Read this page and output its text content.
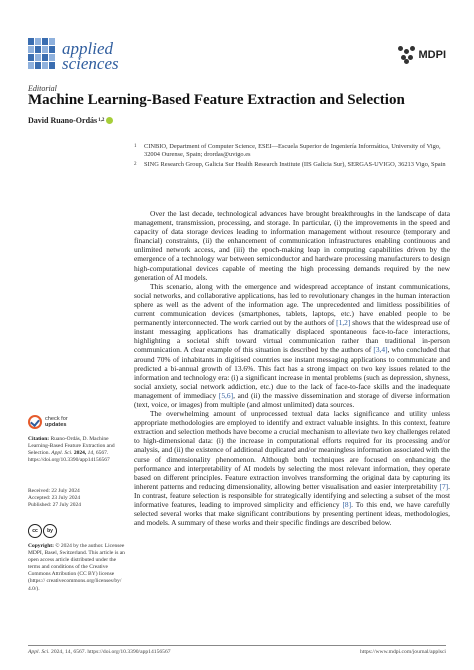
applied
sciences	MDPI
Editorial
Machine Learning-Based Feature Extraction and Selection
David Ruano-Ordás 1,2
1	CINBIO, Department of Computer Science, ESEI—Escuela Superior de Ingeniería Informática, University of Vigo, 32004 Ourense, Spain; drordas@uvigo.es
2	SING Research Group, Galicia Sur Health Research Institute (IIS Galicia Sur), SERGAS-UVIGO, 36213 Vigo, Spain

Over the last decade, technological advances have brought breakthroughs in the landscape of data management, transmission, processing, and storage. In particular, (i) the improvements in the speed and capacity of data storage devices leading to information management without resource (temporary and financial) constraints, (ii) the enhancement of communication infrastructures enabling continuous and unlimited network access, and (iii) the epoch-making leap in computing capabilities driven by the emergence of a technology war between semiconductor and hardware processing manufacturers to design high-computational devices capable of meeting the high processing demands required by the new generation of AI models.

This scenario, along with the emergence and widespread acceptance of instant communications, social networks, and collaborative applications, has led to revolutionary changes in the human interaction sphere as well as the advent of the information age. The unprecedented and limitless possibilities of current communication devices (smartphones, tablets, laptops, etc.) have enabled people to be permanently interconnected. The work carried out by the authors of [1,2] shows that the widespread use of instant messaging applications has dramatically displaced spontaneous face-to-face interactions, highlighting a societal shift toward virtual communication rather than traditional in-person communication. A clear example of this situation is described by the authors of [3,4], who concluded that around 70% of inhabitants in digitised countries use instant messaging applications to communicate and predicted a bi-annual growth of 13.6%. This fact has a strong impact on two key issues related to the information and technology era: (i) a significant increase in mental problems (such as depression, shyness, social anxiety, social network addiction, etc.) due to the lack of face-to-face skills and the inadequate management of immediacy [5,6], and (ii) the massive dissemination and storage of diverse information (text, voice, or images) from multiple (and almost unlimited) data sources.

The overwhelming amount of unprocessed textual data lacks significance and utility unless appropriate methodologies are employed to identify and extract valuable insights. In this context, feature extraction and selection methods have become a crucial mechanism to alleviate two key challenges related to high-dimensional data: (i) the increase in computational efforts required for its processing and/or analysis, and (ii) the existence of additional duplicated and/or meaningless information associated with the curse of dimensionality phenomenon. Although both techniques are focused on enhancing the performance and interpretability of AI models by selecting the most relevant information, they operate based on different principles. Feature extraction involves transforming the original data by capturing its inherent patterns and reducing dimensionality, allowing better visualisation and easier interpretability [7]. In contrast, feature selection is responsible for strategically identifying and selecting a subset of the most informative features, leading to improved simplicity and efficiency [8]. To this end, we have carefully selected several works that make significant contributions by presenting pertinent ideas, methodologies, and models. A summary of these works and their specific findings are described below.

check for
updates
Citation: Ruano-Ordás, D. Machine Learning-Based Feature Extraction and Selection. Appl. Sci. 2024, 14, 6567. https://doi.org/10.3390/app14156567
Received: 22 July 2024
Accepted: 23 July 2024
Published: 27 July 2024
cc	by
Copyright: © 2024 by the author. Licensee MDPI, Basel, Switzerland. This article is an open access article distributed under the terms and conditions of the Creative Commons Attribution (CC BY) license (https:// creativecommons.org/licenses/by/ 4.0/).
Appl. Sci. 2024, 14, 6567. https://doi.org/10.3390/app14156567	https://www.mdpi.com/journal/applsci
